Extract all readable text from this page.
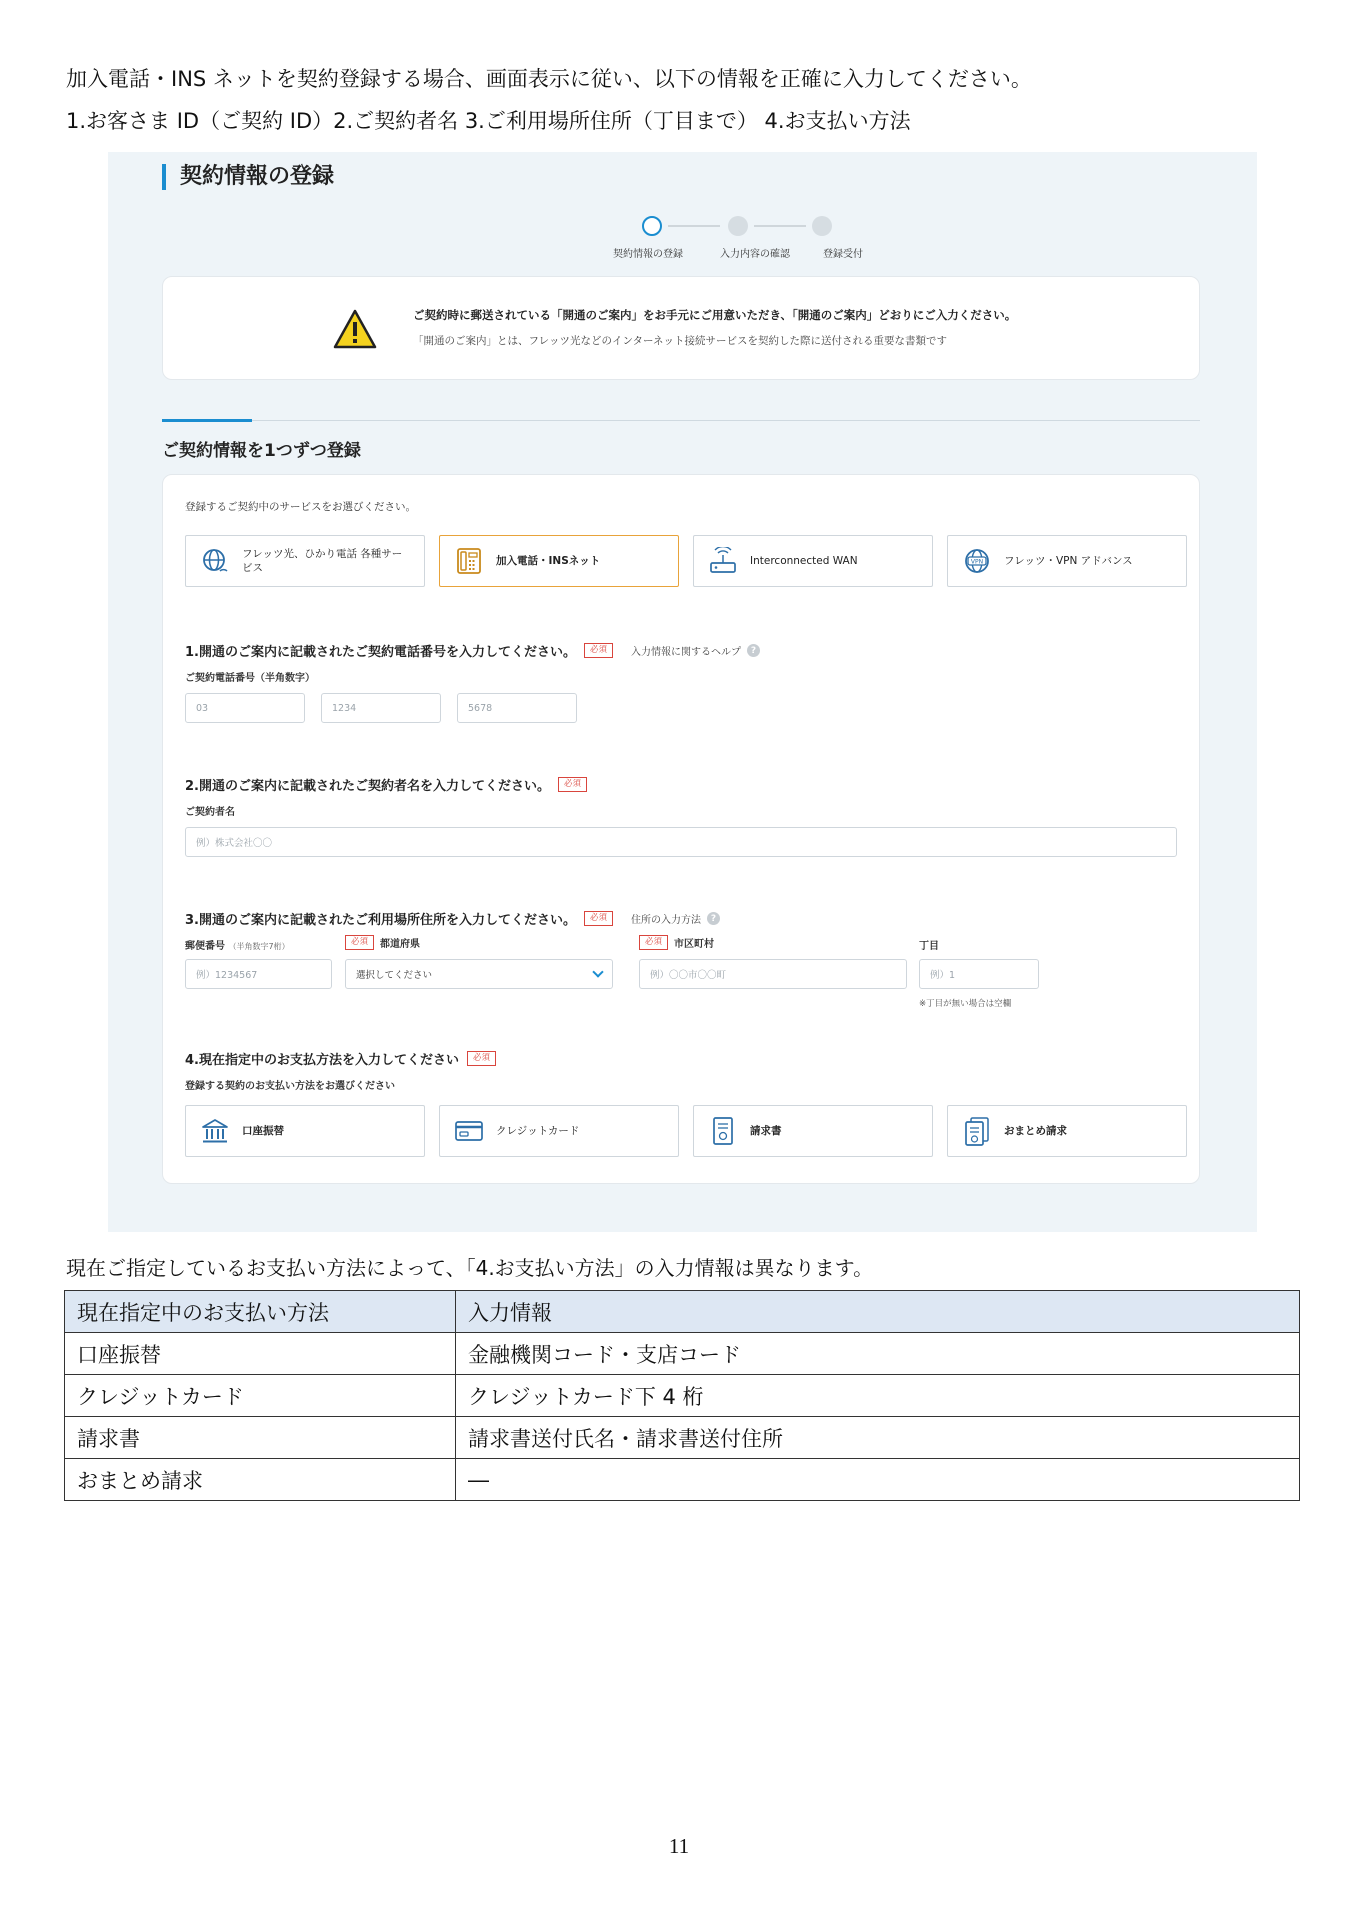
加入電話・INS ネットを契約登録する場合、画面表示に従い、以下の情報を正確に入力してください。

1.お客さま ID（ご契約 ID）2.ご契約者名 3.ご利用場所住所（丁目まで） 4.お支払い方法

契約情報の登録
契約情報の登録	入力内容の確認	登録受付
ご契約時に郵送されている「開通のご案内」をお手元にご用意いただき、「開通のご案内」どおりにご入力ください。
「開通のご案内」とは、フレッツ光などのインターネット接続サービスを契約した際に送付される重要な書類です
ご契約情報を1つずつ登録
登録するご契約中のサービスをお選びください。
フレッツ光、ひかり電話 各種サービス
加入電話・INSネット	Interconnected WAN	VPN フレッツ・VPN アドバンス
1.開通のご案内に記載されたご契約電話番号を入力してください。	必須	入力情報に関するヘルプ	?
ご契約電話番号（半角数字）
03	1234	5678
2.開通のご案内に記載されたご契約者名を入力してください。	必須
ご契約者名
例）株式会社〇〇
3.開通のご案内に記載されたご利用場所住所を入力してください。	必須	住所の入力方法	?
郵便番号 （半角数字7桁）	必須	都道府県	必須	市区町村	丁目
例）1234567	選択してください	例）〇〇市〇〇町	例）1
※丁目が無い場合は空欄
4.現在指定中のお支払方法を入力してください	必須
登録する契約のお支払い方法をお選びください
口座振替	クレジットカード	請求書	おまとめ請求
現在ご指定しているお支払い方法によって、「4.お支払い方法」の入力情報は異なります。
現在指定中のお支払い方法	入力情報
口座振替	金融機関コード・支店コード
クレジットカード	クレジットカード下 4 桁
請求書	請求書送付氏名・請求書送付住所
おまとめ請求	―
11
